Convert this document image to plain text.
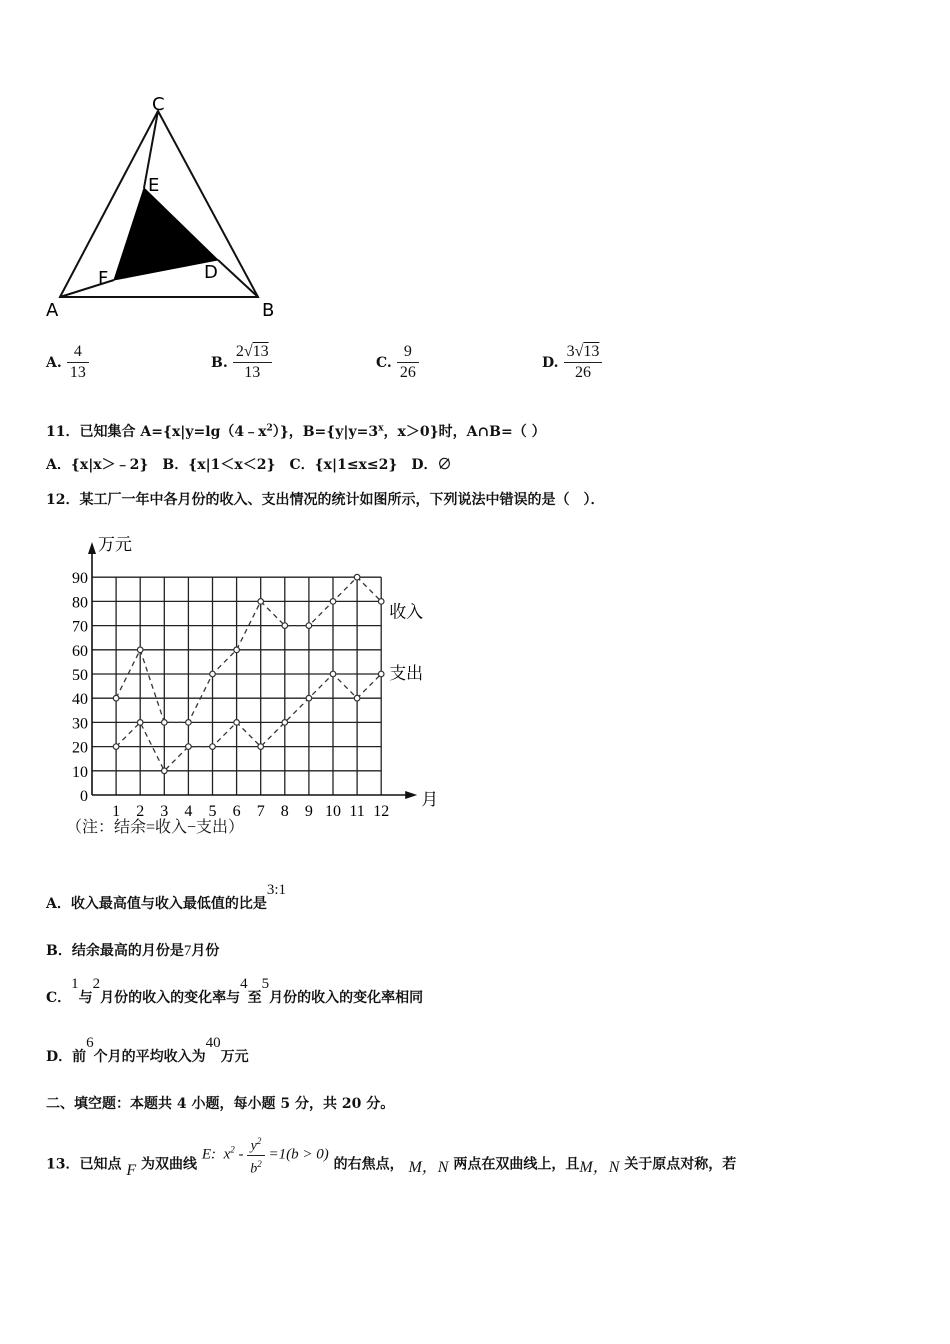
C
E
D
F
A	B
A. $\frac{4}{13}$	B. $\frac{2√13}{13}$	C. $\frac{9}{26}$	D. $\frac{3√13}{26}$
11．已知集合 $A=\{x|y=\lg(4﹣x^2)\}$，$B=\{y|y=3^x$，x＞0}时，A∩B=（ ）
A．{x|x＞﹣2}　B．{x|1＜x＜2}　C．{x|1≤x≤2}　D．∅
12．某工厂一年中各月份的收入、支出情况的统计如图所示，下列说法中错误的是（　）．
0
10
20
30
40
50
60
70
80
90
1 2 3 4 5 6 7 8 9 10 11 12
万元
月
收入
支出
（注：结余=收入−支出）
A．收入最高值与收入最低值的比是3:1
B．结余最高的月份是7月份
C．1与2月份的收入的变化率与4至5月份的收入的变化率相同
D．前6个月的平均收入为40万元
二、填空题：本题共 4 小题，每小题 5 分，共 20 分。
13．已知点 F 为双曲线 E: $x^2 - \frac{y^2}{b^2} =1(b > 0)$ 的右焦点， M，N 两点在双曲线上，且M，N 关于原点对称，若
